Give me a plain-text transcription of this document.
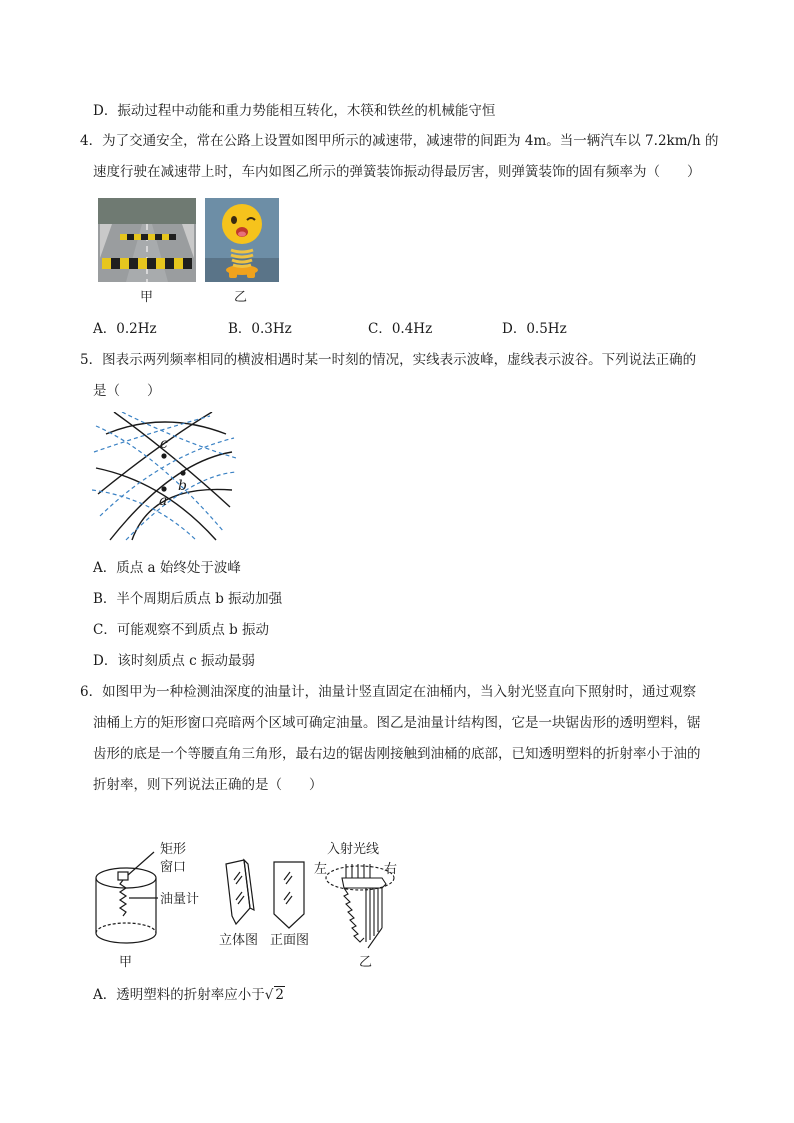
D．振动过程中动能和重力势能相互转化，木筷和铁丝的机械能守恒
4．为了交通安全，常在公路上设置如图甲所示的减速带，减速带的间距为 4m。当一辆汽车以 7.2km/h 的
速度行驶在减速带上时，车内如图乙所示的弹簧装饰振动得最厉害，则弹簧装饰的固有频率为（　　）
甲	乙
A．0.2Hz	B．0.3Hz	C．0.4Hz	D．0.5Hz
5．图表示两列频率相同的横波相遇时某一时刻的情况，实线表示波峰，虚线表示波谷。下列说法正确的
是（　　）
c
b
a
A．质点 a 始终处于波峰
B．半个周期后质点 b 振动加强
C．可能观察不到质点 b 振动
D．该时刻质点 c 振动最弱
6．如图甲为一种检测油深度的油量计，油量计竖直固定在油桶内，当入射光竖直向下照射时，通过观察
油桶上方的矩形窗口亮暗两个区域可确定油量。图乙是油量计结构图，它是一块锯齿形的透明塑料，锯
齿形的底是一个等腰直角三角形，最右边的锯齿刚接触到油桶的底部，已知透明塑料的折射率小于油的
折射率，则下列说法正确的是（　　）
矩形
窗口
油量计
甲
立体图 正面图
入射光线
左	右
乙
A．透明塑料的折射率应小于√ 2
